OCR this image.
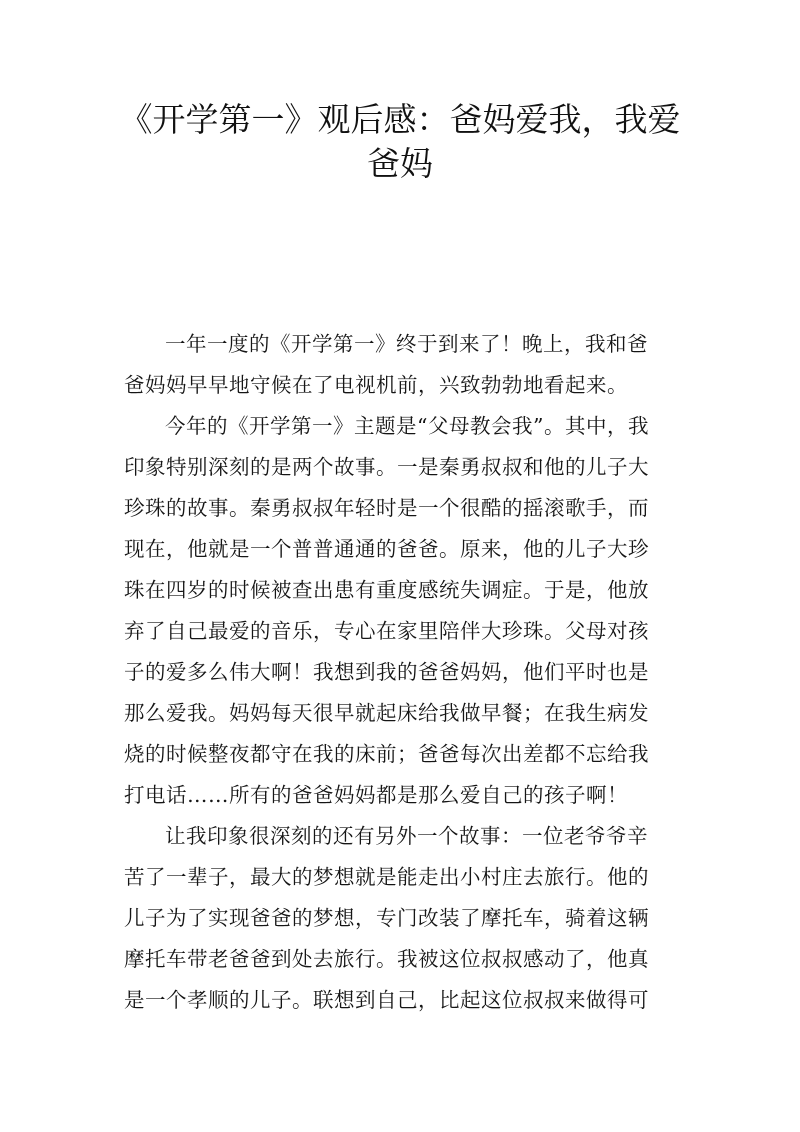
《开学第一》观后感：爸妈爱我，我爱
爸妈
一年一度的《开学第一》终于到来了！晚上，我和爸
爸妈妈早早地守候在了电视机前，兴致勃勃地看起来。
今年的《开学第一》主题是“父母教会我”。其中，我
印象特别深刻的是两个故事。一是秦勇叔叔和他的儿子大
珍珠的故事。秦勇叔叔年轻时是一个很酷的摇滚歌手，而
现在，他就是一个普普通通的爸爸。原来，他的儿子大珍
珠在四岁的时候被查出患有重度感统失调症。于是，他放
弃了自己最爱的音乐，专心在家里陪伴大珍珠。父母对孩
子的爱多么伟大啊！我想到我的爸爸妈妈，他们平时也是
那么爱我。妈妈每天很早就起床给我做早餐；在我生病发
烧的时候整夜都守在我的床前；爸爸每次出差都不忘给我
打电话……所有的爸爸妈妈都是那么爱自己的孩子啊！
让我印象很深刻的还有另外一个故事：一位老爷爷辛
苦了一辈子，最大的梦想就是能走出小村庄去旅行。他的
儿子为了实现爸爸的梦想，专门改装了摩托车，骑着这辆
摩托车带老爸爸到处去旅行。我被这位叔叔感动了，他真
是一个孝顺的儿子。联想到自己，比起这位叔叔来做得可
